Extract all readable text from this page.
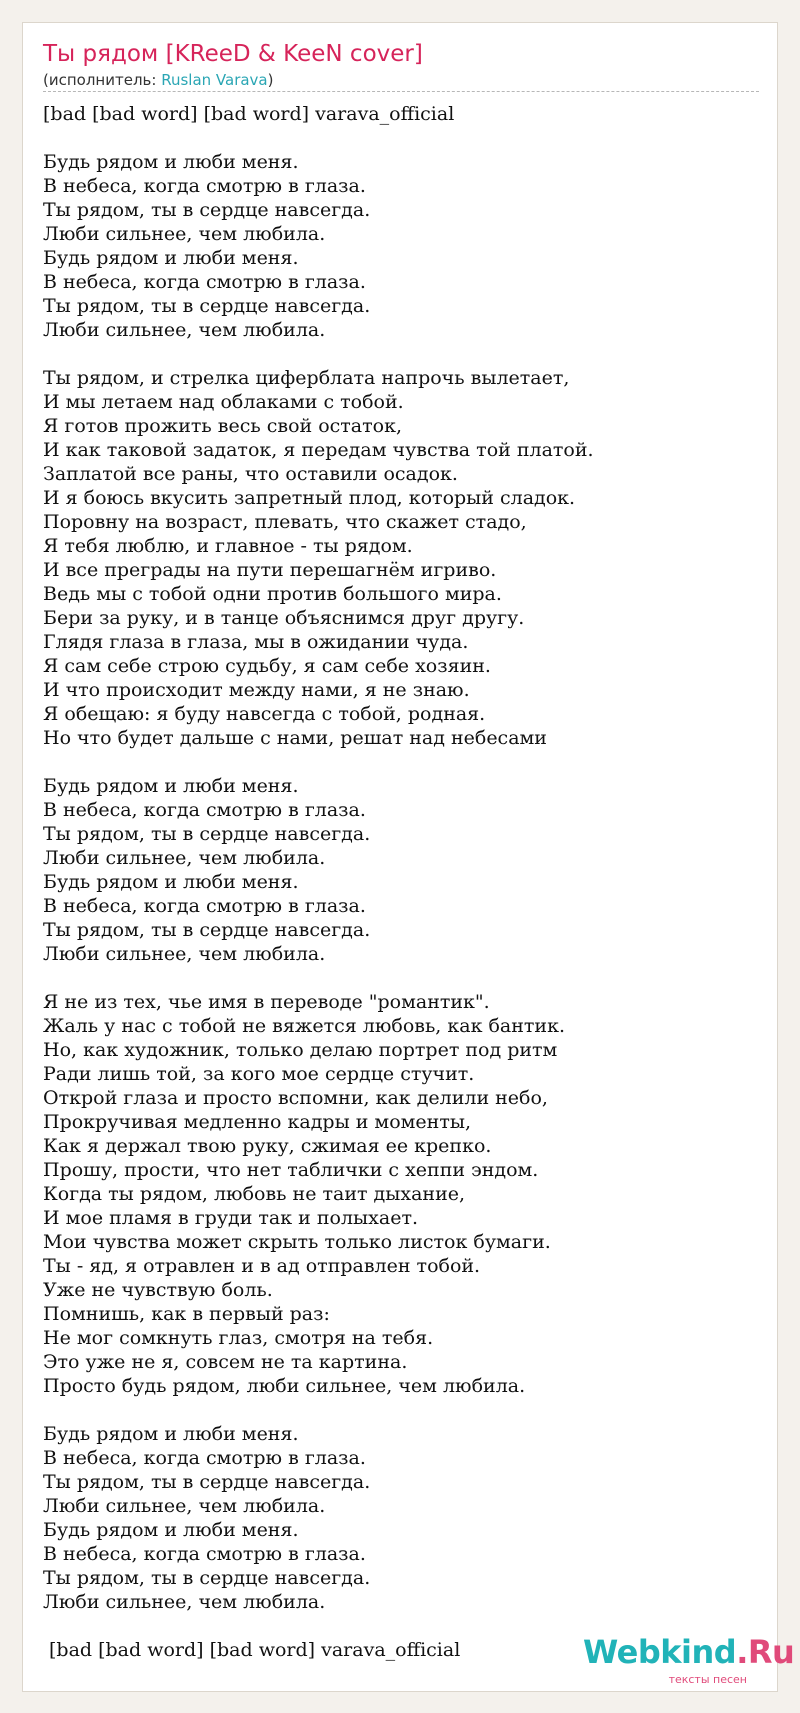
Ты рядом [KReeD & KeeN cover]
(исполнитель: Ruslan Varava)
[bad [bad word] [bad word] varava_official
Будь рядом и люби меня.
В небеса, когда смотрю в глаза.
Ты рядом, ты в сердце навсегда.
Люби сильнее, чем любила.
Будь рядом и люби меня.
В небеса, когда смотрю в глаза.
Ты рядом, ты в сердце навсегда.
Люби сильнее, чем любила.
Ты рядом, и стрелка циферблата напрочь вылетает,
И мы летаем над облаками с тобой.
Я готов прожить весь свой остаток,
И как таковой задаток, я передам чувства той платой.
Заплатой все раны, что оставили осадок.
И я боюсь вкусить запретный плод, который сладок.
Поровну на возраст, плевать, что скажет стадо,
Я тебя люблю, и главное - ты рядом.
И все преграды на пути перешагнём игриво.
Ведь мы с тобой одни против большого мира.
Бери за руку, и в танце объяснимся друг другу.
Глядя глаза в глаза, мы в ожидании чуда.
Я сам себе строю судьбу, я сам себе хозяин.
И что происходит между нами, я не знаю.
Я обещаю: я буду навсегда с тобой, родная.
Но что будет дальше с нами, решат над небесами
Будь рядом и люби меня.
В небеса, когда смотрю в глаза.
Ты рядом, ты в сердце навсегда.
Люби сильнее, чем любила.
Будь рядом и люби меня.
В небеса, когда смотрю в глаза.
Ты рядом, ты в сердце навсегда.
Люби сильнее, чем любила.
Я не из тех, чье имя в переводе "романтик".
Жаль у нас с тобой не вяжется любовь, как бантик.
Но, как художник, только делаю портрет под ритм
Ради лишь той, за кого мое сердце стучит.
Открой глаза и просто вспомни, как делили небо,
Прокручивая медленно кадры и моменты,
Как я держал твою руку, сжимая ее крепко.
Прошу, прости, что нет таблички с хеппи эндом.
Когда ты рядом, любовь не таит дыхание,
И мое пламя в груди так и полыхает.
Мои чувства может скрыть только листок бумаги.
Ты - яд, я отравлен и в ад отправлен тобой.
Уже не чувствую боль.
Помнишь, как в первый раз:
Не мог сомкнуть глаз, смотря на тебя.
Это уже не я, совсем не та картина.
Просто будь рядом, люби сильнее, чем любила.
Будь рядом и люби меня.
В небеса, когда смотрю в глаза.
Ты рядом, ты в сердце навсегда.
Люби сильнее, чем любила.
Будь рядом и люби меня.
В небеса, когда смотрю в глаза.
Ты рядом, ты в сердце навсегда.
Люби сильнее, чем любила.
[bad [bad word] [bad word] varava_official	Webkind.Ru
тексты песен
